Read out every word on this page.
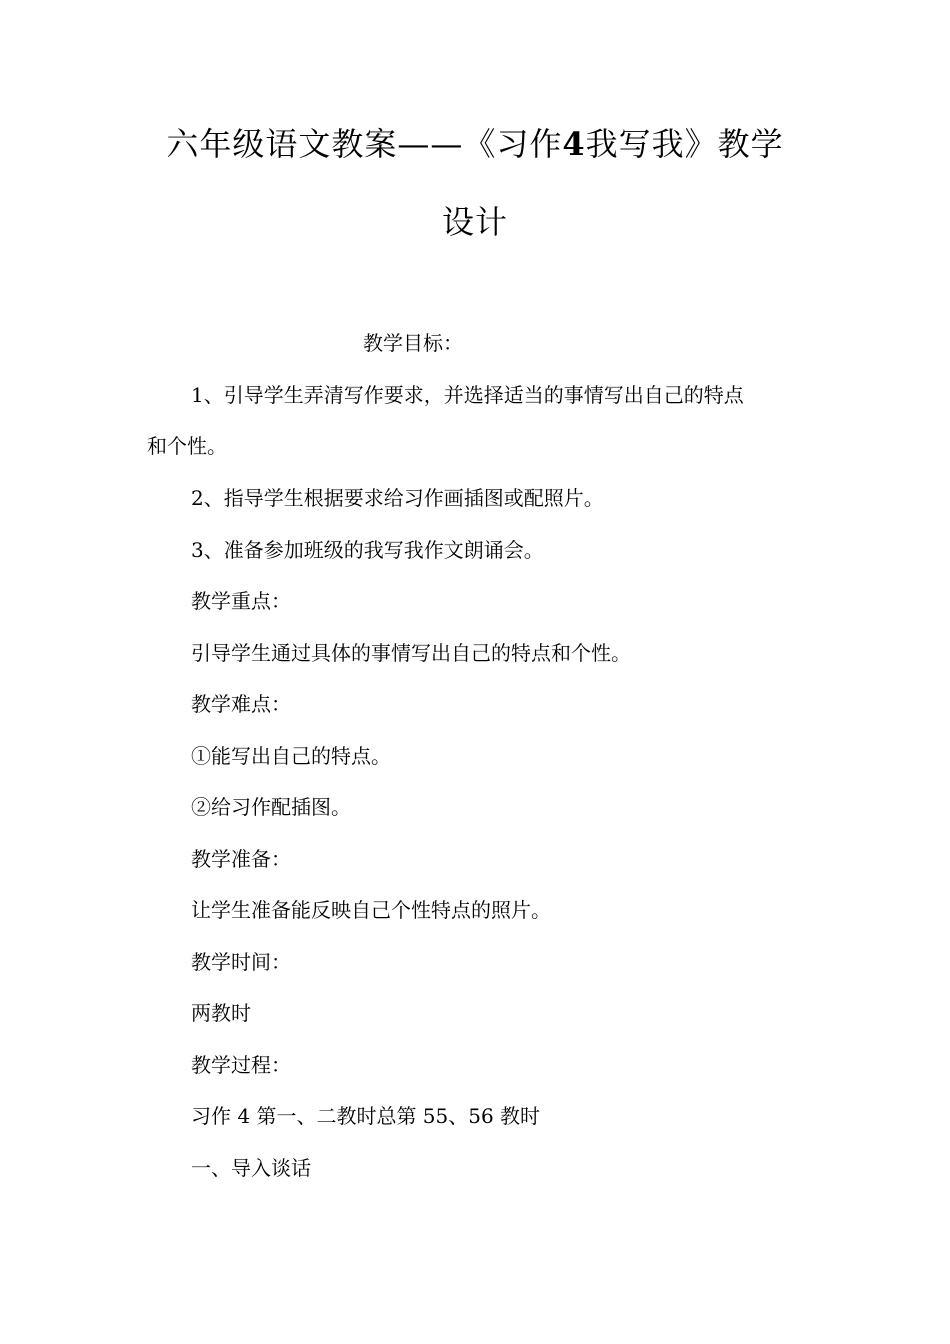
六年级语文教案——《习作4我写我》教学
设计
教学目标：
1、引导学生弄清写作要求，并选择适当的事情写出自己的特点
和个性。
2、指导学生根据要求给习作画插图或配照片。
3、准备参加班级的我写我作文朗诵会。
教学重点：
引导学生通过具体的事情写出自己的特点和个性。
教学难点：
①能写出自己的特点。
②给习作配插图。
教学准备：
让学生准备能反映自己个性特点的照片。
教学时间：
两教时
教学过程：
习作 4 第一、二教时总第 55、56 教时
一、导入谈话
